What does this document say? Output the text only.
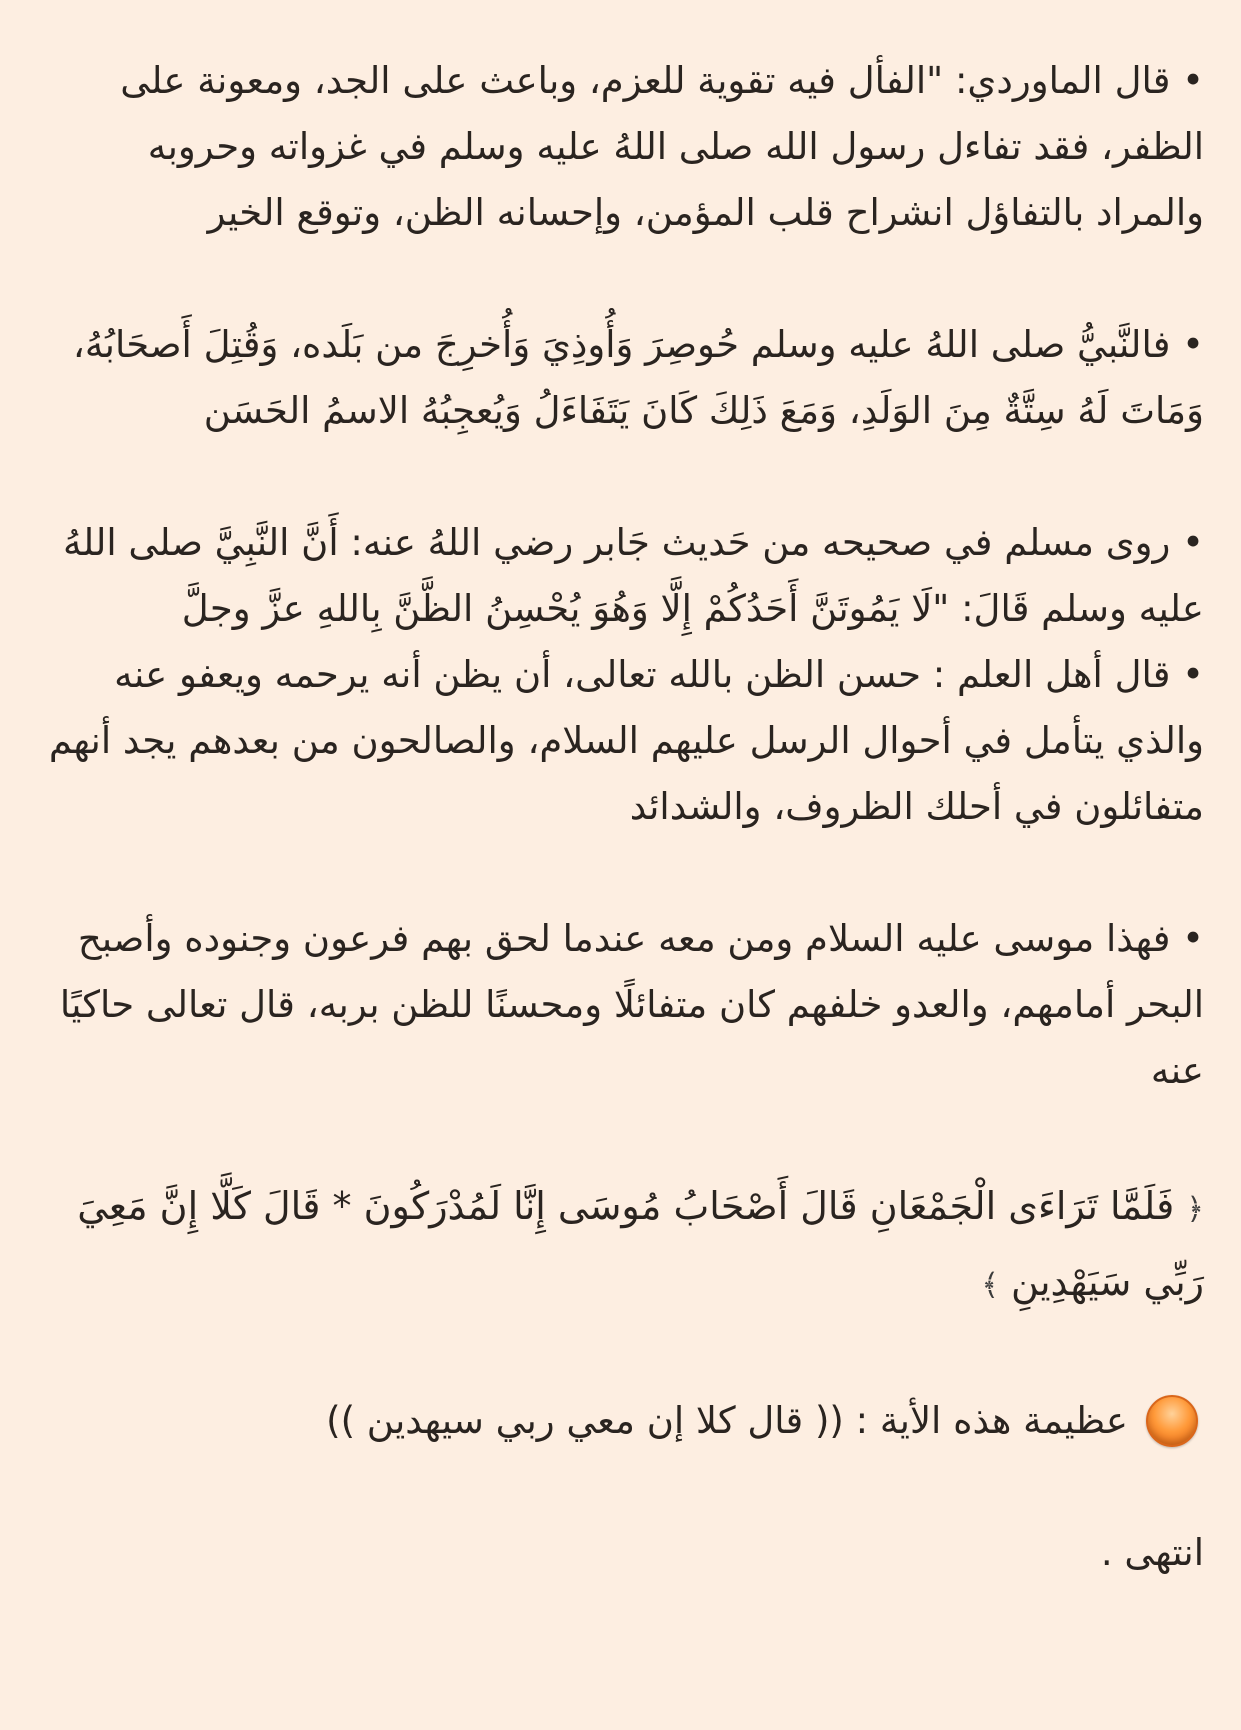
• قال الماوردي: "الفأل فيه تقوية للعزم، وباعث على الجد، ومعونة على الظفر، فقد تفاءل رسول الله صلى اللهُ عليه وسلم في غزواته وحروبه والمراد بالتفاؤل انشراح قلب المؤمن، وإحسانه الظن، وتوقع الخير

• فالنَّبيُّ صلى اللهُ عليه وسلم حُوصِرَ وَأُوذِيَ وَأُخرِجَ من بَلَده، وَقُتِلَ أَصحَابُهُ، وَمَاتَ لَهُ سِتَّةٌ مِنَ الوَلَدِ، وَمَعَ ذَلِكَ كَانَ يَتَفَاءَلُ وَيُعجِبُهُ الاسمُ الحَسَن

• روى مسلم في صحيحه من حَديث جَابر رضي اللهُ عنه: أَنَّ النَّبِيَّ صلى اللهُ عليه وسلم قَالَ: "لَا يَمُوتَنَّ أَحَدُكُمْ إِلَّا وَهُوَ يُحْسِنُ الظَّنَّ بِاللهِ عزَّ وجلَّ

• قال أهل العلم : حسن الظن بالله تعالى، أن يظن أنه يرحمه ويعفو عنه والذي يتأمل في أحوال الرسل عليهم السلام، والصالحون من بعدهم يجد أنهم متفائلون في أحلك الظروف، والشدائد

• فهذا موسى عليه السلام ومن معه عندما لحق بهم فرعون وجنوده وأصبح البحر أمامهم، والعدو خلفهم كان متفائلًا ومحسنًا للظن بربه، قال تعالى حاكيًا عنه

﴿ فَلَمَّا تَرَاءَى الْجَمْعَانِ قَالَ أَصْحَابُ مُوسَى إِنَّا لَمُدْرَكُونَ * قَالَ كَلَّا إِنَّ مَعِيَ رَبِّي سَيَهْدِينِ ﴾

عظيمة هذه الأية : (( قال كلا إن معي ربي سيهدين ))

انتهى .
